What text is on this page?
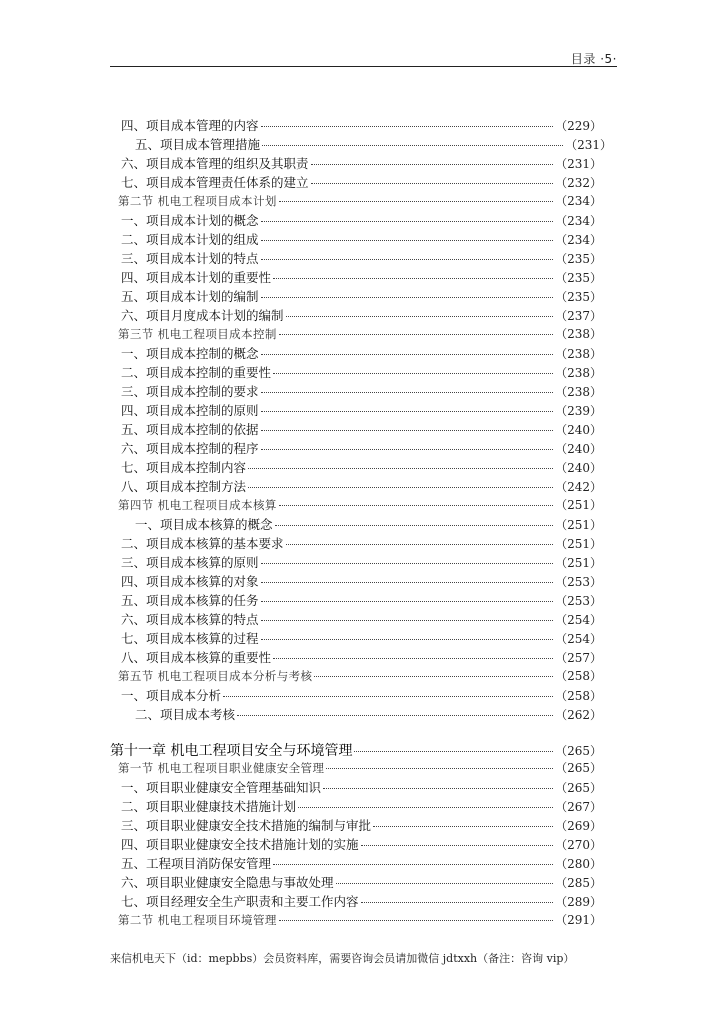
目录 ·5·
四、项目成本管理的内容	（229）
五、项目成本管理措施	（231）
六、项目成本管理的组织及其职责	（231）
七、项目成本管理责任体系的建立	（232）
第二节 机电工程项目成本计划	（234）
一、项目成本计划的概念	（234）
二、项目成本计划的组成	（234）
三、项目成本计划的特点	（235）
四、项目成本计划的重要性	（235）
五、项目成本计划的编制	（235）
六、项目月度成本计划的编制	（237）
第三节 机电工程项目成本控制	（238）
一、项目成本控制的概念	（238）
二、项目成本控制的重要性	（238）
三、项目成本控制的要求	（238）
四、项目成本控制的原则	（239）
五、项目成本控制的依据	（240）
六、项目成本控制的程序	（240）
七、项目成本控制内容	（240）
八、项目成本控制方法	（242）
第四节 机电工程项目成本核算	（251）
一、项目成本核算的概念	（251）
二、项目成本核算的基本要求	（251）
三、项目成本核算的原则	（251）
四、项目成本核算的对象	（253）
五、项目成本核算的任务	（253）
六、项目成本核算的特点	（254）
七、项目成本核算的过程	（254）
八、项目成本核算的重要性	（257）
第五节 机电工程项目成本分析与考核	（258）
一、项目成本分析	（258）
二、项目成本考核	（262）
第十一章 机电工程项目安全与环境管理	（265）
第一节 机电工程项目职业健康安全管理	（265）
一、项目职业健康安全管理基础知识	（265）
二、项目职业健康技术措施计划	（267）
三、项目职业健康安全技术措施的编制与审批	（269）
四、项目职业健康安全技术措施计划的实施	（270）
五、工程项目消防保安管理	（280）
六、项目职业健康安全隐患与事故处理	（285）
七、项目经理安全生产职责和主要工作内容	（289）
第二节 机电工程项目环境管理	（291）
来信机电天下（id：mepbbs）会员资料库，需要咨询会员请加微信 jdtxxh（备注：咨询 vip）
